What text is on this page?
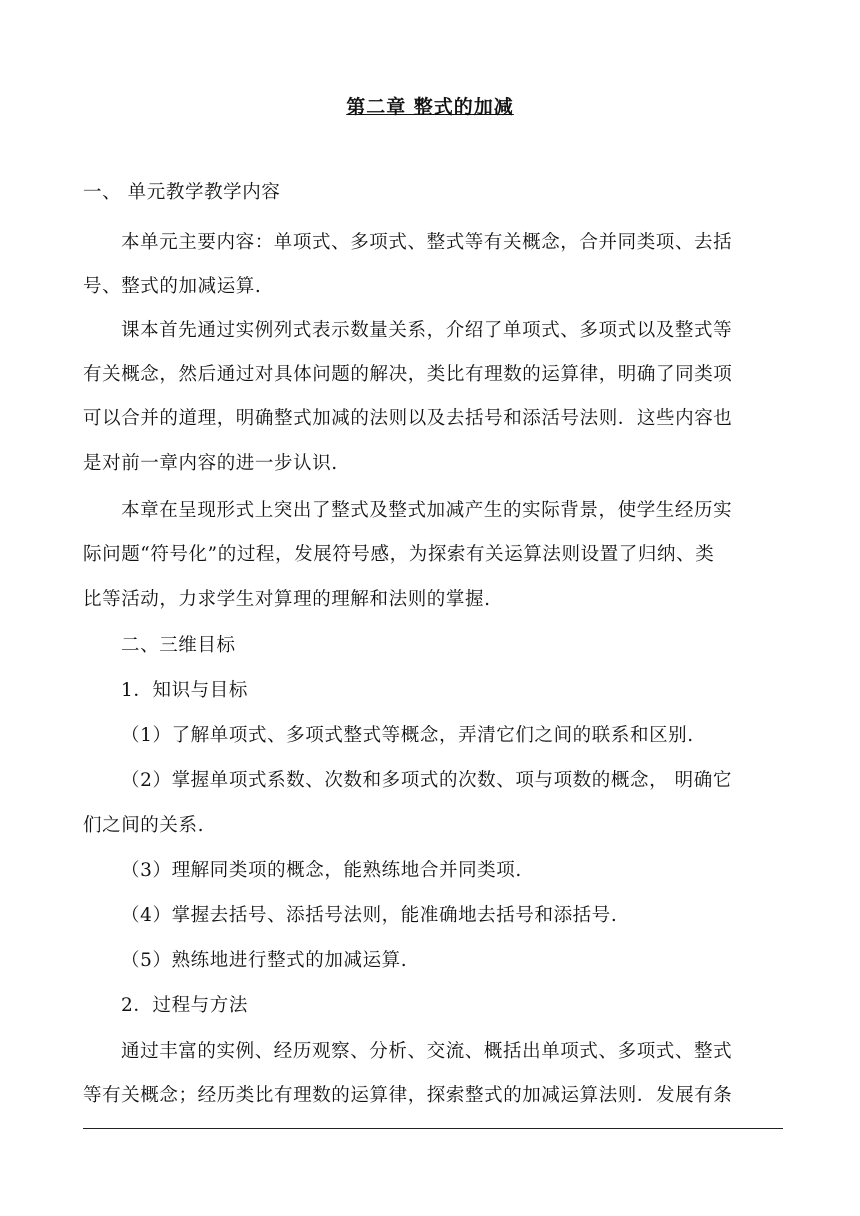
第二章 整式的加减
一、 单元教学教学内容
本单元主要内容：单项式、多项式、整式等有关概念，合并同类项、去括
号、整式的加减运算.
课本首先通过实例列式表示数量关系，介绍了单项式、多项式以及整式等
有关概念，然后通过对具体问题的解决，类比有理数的运算律，明确了同类项
可以合并的道理，明确整式加减的法则以及去括号和添活号法则．这些内容也
是对前一章内容的进一步认识.
本章在呈现形式上突出了整式及整式加减产生的实际背景，使学生经历实
际问题“符号化”的过程，发展符号感，为探索有关运算法则设置了归纳、类
比等活动，力求学生对算理的理解和法则的掌握.
二、三维目标
1．知识与目标
（1）了解单项式、多项式整式等概念，弄清它们之间的联系和区别.
（2）掌握单项式系数、次数和多项式的次数、项与项数的概念， 明确它
们之间的关系.
（3）理解同类项的概念，能熟练地合并同类项.
（4）掌握去括号、添括号法则，能准确地去括号和添括号.
（5）熟练地进行整式的加减运算.
2．过程与方法
通过丰富的实例、经历观察、分析、交流、概括出单项式、多项式、整式
等有关概念；经历类比有理数的运算律，探索整式的加减运算法则．发展有条
